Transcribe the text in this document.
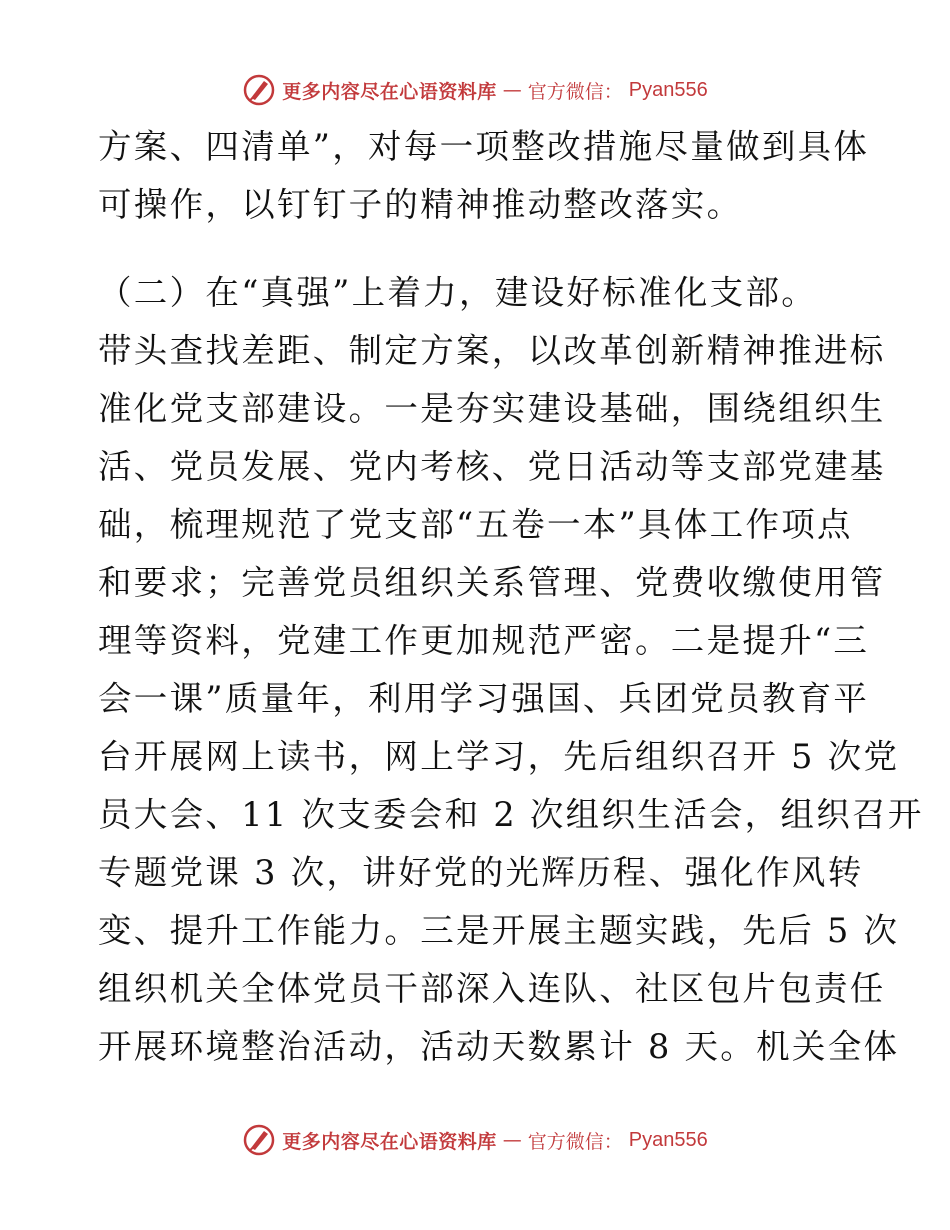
更多内容尽在心语资料库 — 官方微信： Pyan556
方案、四清单”，对每一项整改措施尽量做到具体
可操作，以钉钉子的精神推动整改落实。
（二）在“真强”上着力，建设好标准化支部。
带头查找差距、制定方案，以改革创新精神推进标
准化党支部建设。一是夯实建设基础，围绕组织生
活、党员发展、党内考核、党日活动等支部党建基
础，梳理规范了党支部“五卷一本”具体工作项点
和要求；完善党员组织关系管理、党费收缴使用管
理等资料，党建工作更加规范严密。二是提升“三
会一课”质量年，利用学习强国、兵团党员教育平
台开展网上读书，网上学习，先后组织召开 5 次党
员大会、11 次支委会和 2 次组织生活会，组织召开
专题党课 3 次，讲好党的光辉历程、强化作风转
变、提升工作能力。三是开展主题实践，先后 5 次
组织机关全体党员干部深入连队、社区包片包责任
开展环境整治活动，活动天数累计 8 天。机关全体
更多内容尽在心语资料库 — 官方微信： Pyan556
